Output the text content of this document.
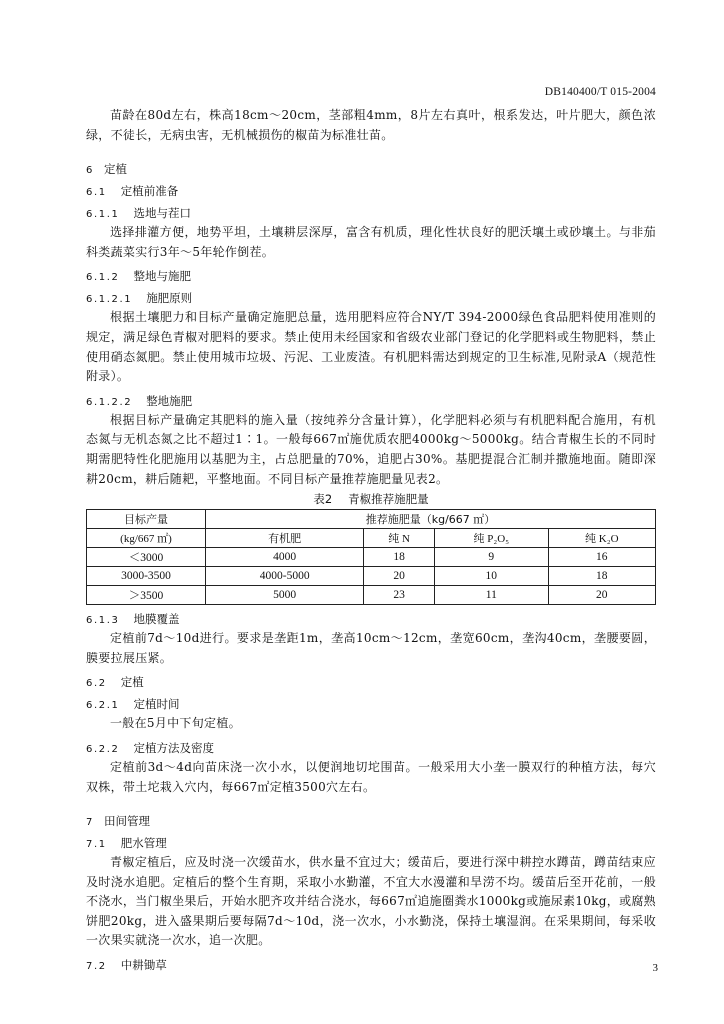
DB140400/T 015-2004

苗龄在80d左右，株高18cm～20cm，茎部粗4mm，8片左右真叶，根系发达，叶片肥大，颜色浓绿，不徒长，无病虫害，无机械损伤的椒苗为标准壮苗。

6 定植
6.1 定植前准备
6.1.1 选地与茬口

选择排灌方便，地势平坦，土壤耕层深厚，富含有机质，理化性状良好的肥沃壤土或砂壤土。与非茄科类蔬菜实行3年～5年轮作倒茬。

6.1.2 整地与施肥
6.1.2.1 施肥原则

根据土壤肥力和目标产量确定施肥总量，选用肥料应符合NY/T 394-2000绿色食品肥料使用准则的规定，满足绿色青椒对肥料的要求。禁止使用未经国家和省级农业部门登记的化学肥料或生物肥料，禁止使用硝态氮肥。禁止使用城市垃圾、污泥、工业废渣。有机肥料需达到规定的卫生标准,见附录A（规范性附录）。

6.1.2.2 整地施肥

根据目标产量确定其肥料的施入量（按纯养分含量计算），化学肥料必须与有机肥料配合施用，有机态氮与无机态氮之比不超过1∶1。一般每667㎡施优质农肥4000kg～5000kg。结合青椒生长的不同时期需肥特性化肥施用以基肥为主，占总肥量的70%，追肥占30%。基肥提混合汇制并撒施地面。随即深耕20cm，耕后随耙，平整地面。不同目标产量推荐施肥量见表2。

表2 青椒推荐施肥量
目标产量	推荐施肥量（kg/667 ㎡）			
(kg/667 ㎡)	有机肥	纯 N	纯 P₂O₅	纯 K₂O
＜3000	4000	18	9	16
3000-3500	4000-5000	20	10	18
＞3500	5000	23	11	20
6.1.3 地膜覆盖

定植前7d～10d进行。要求是垄距1m，垄高10cm～12cm，垄宽60cm，垄沟40cm，垄腰要圆，膜要拉展压紧。

6.2 定植
6.2.1 定植时间

一般在5月中下旬定植。

6.2.2 定植方法及密度

定植前3d～4d向苗床浇一次小水，以便润地切坨围苗。一般采用大小垄一膜双行的种植方法，每穴双株，带土坨栽入穴内，每667㎡定植3500穴左右。

7 田间管理
7.1 肥水管理

青椒定植后，应及时浇一次缓苗水，供水量不宜过大；缓苗后，要进行深中耕控水蹲苗，蹲苗结束应及时浇水追肥。定植后的整个生育期，采取小水勤灌，不宜大水漫灌和旱涝不均。缓苗后至开花前，一般不浇水，当门椒坐果后，开始水肥齐攻并结合浇水，每667㎡追施圈粪水1000kg或施尿素10kg，或腐熟饼肥20kg，进入盛果期后要每隔7d～10d，浇一次水，小水勤浇，保持土壤湿润。在采果期间，每采收一次果实就浇一次水，追一次肥。

7.2 中耕锄草	3
